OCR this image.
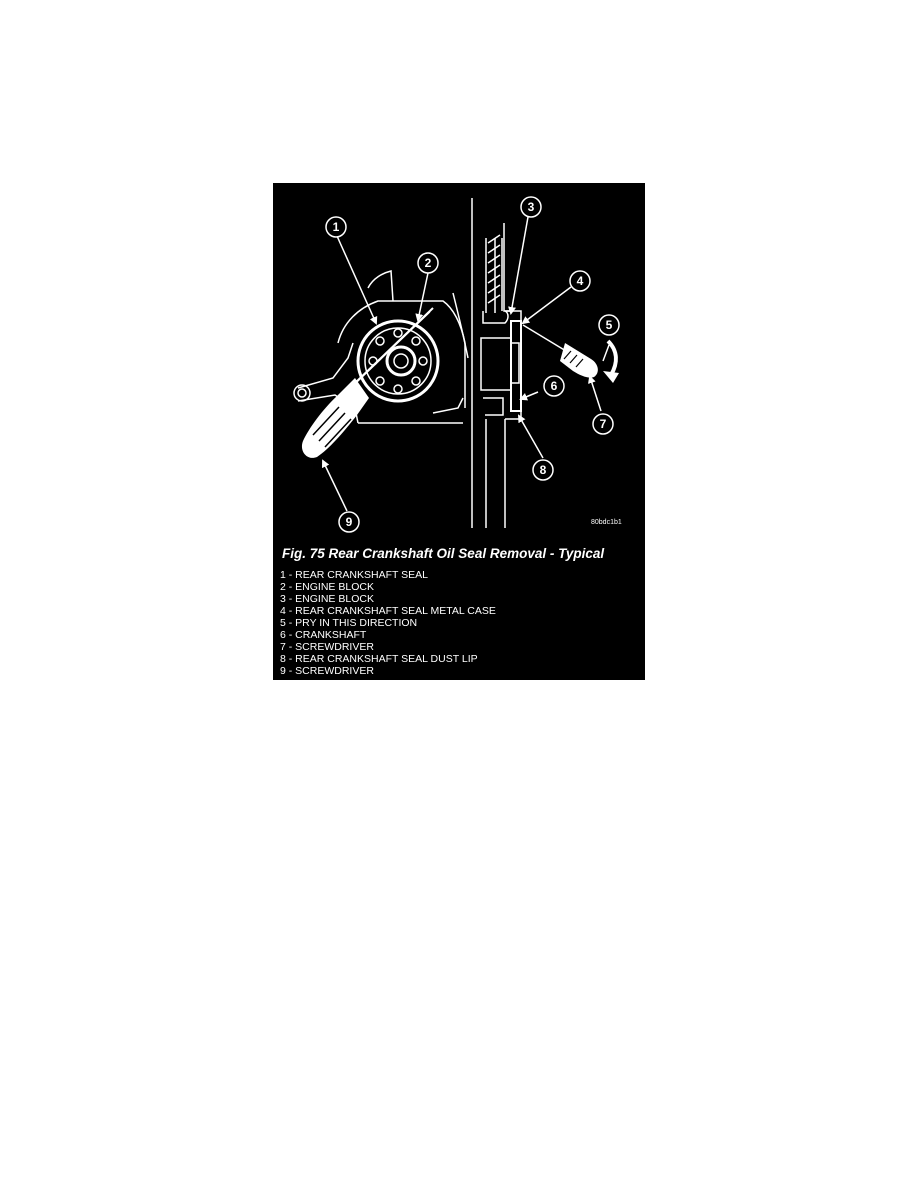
1
2
3
4
5
6
7
8
9	80bdc1b1

Fig. 75 Rear Crankshaft Oil Seal Removal - Typical

1 - REAR CRANKSHAFT SEAL
2 - ENGINE BLOCK
3 - ENGINE BLOCK
4 - REAR CRANKSHAFT SEAL METAL CASE
5 - PRY IN THIS DIRECTION
6 - CRANKSHAFT
7 - SCREWDRIVER
8 - REAR CRANKSHAFT SEAL DUST LIP
9 - SCREWDRIVER
